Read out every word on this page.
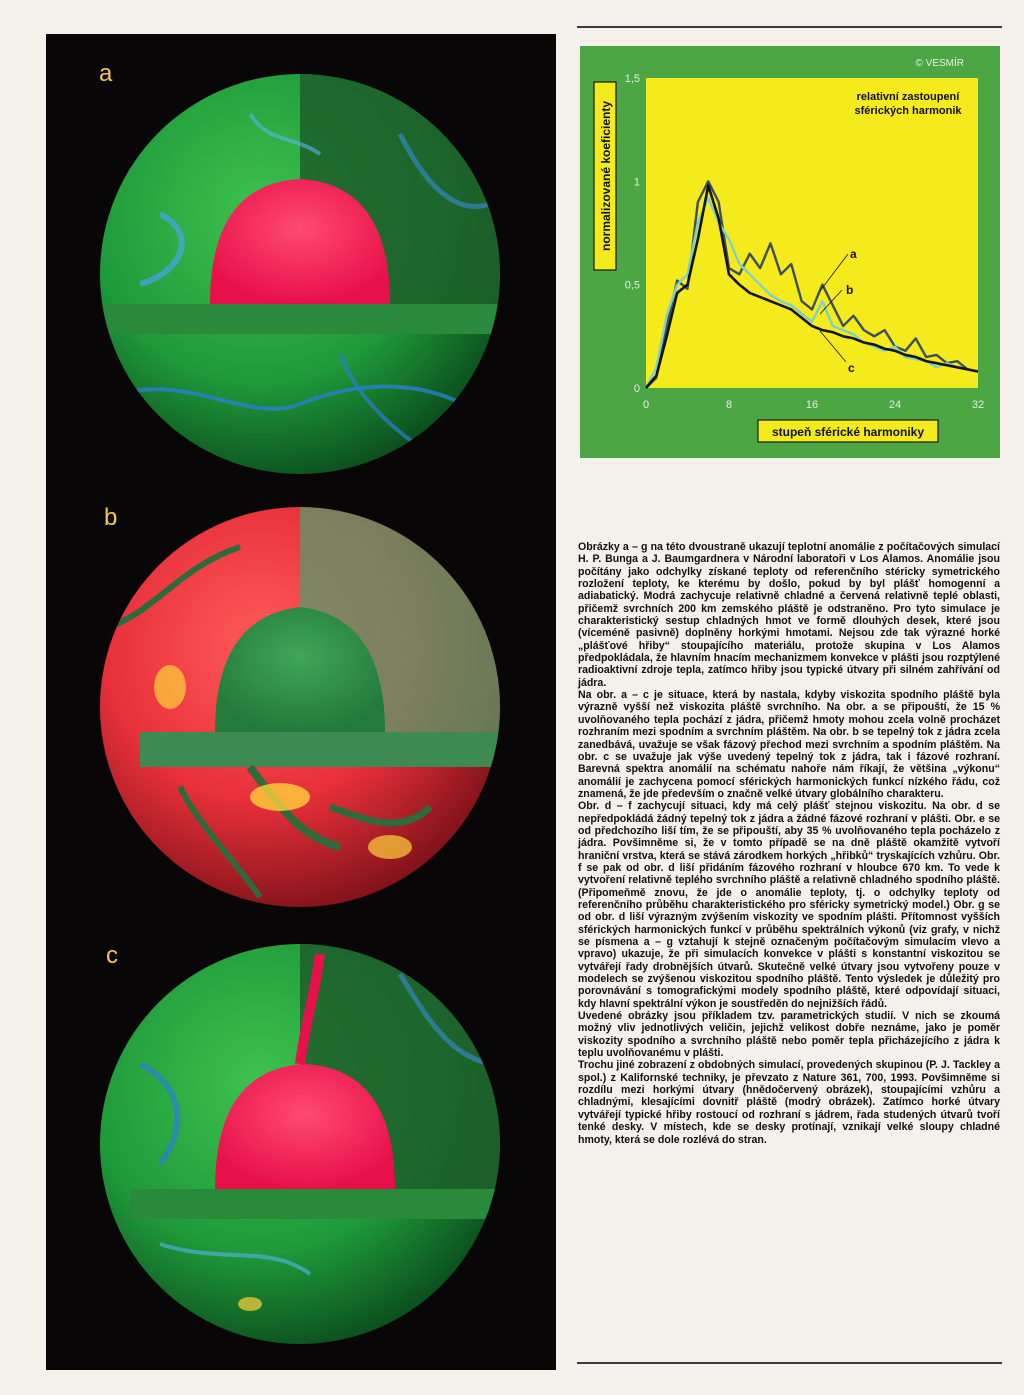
a
b
c
0	8	16	24	32
0
0,5
1
1,5
normalizované koeficienty
© VESMÍR
relativní zastoupení
sférických harmonik
stupeň sférické harmoniky
a
b
c

Obrázky a – g na této dvoustraně ukazují teplotní anomálie z počítačových simulací H. P. Bunga a J. Baumgardnera v Národní laboratoři v Los Alamos. Anomálie jsou počítány jako odchylky získané teploty od referenčního stéricky symetrického rozložení teploty, ke kterému by došlo, pokud by byl plášť homogenní a adiabatický. Modrá zachycuje relativně chladné a červená relativně teplé oblasti, přičemž svrchních 200 km zemského pláště je odstraněno. Pro tyto simulace je charakteristický sestup chladných hmot ve formě dlouhých desek, které jsou (víceméně pasivně) doplněny horkými hmotami. Nejsou zde tak výrazné horké „plášťové hřiby“ stoupajícího materiálu, protože skupina v Los Alamos předpokládala, že hlavním hnacím mechanizmem konvekce v plášti jsou rozptýlené radioaktivní zdroje tepla, zatímco hřiby jsou typické útvary při silném zahřívání od jádra.

Na obr. a – c je situace, která by nastala, kdyby viskozita spodního pláště byla výrazně vyšší než viskozita pláště svrchního. Na obr. a se připouští, že 15 % uvolňovaného tepla pochází z jádra, přičemž hmoty mohou zcela volně procházet rozhraním mezi spodním a svrchním pláštěm. Na obr. b se tepelný tok z jádra zcela zanedbává, uvažuje se však fázový přechod mezi svrchním a spodním pláštěm. Na obr. c se uvažuje jak výše uvedený tepelný tok z jádra, tak i fázové rozhraní. Barevná spektra anomálií na schématu nahoře nám říkají, že většina „výkonu“ anomálií je zachycena pomocí sférických harmonických funkcí nízkého řádu, což znamená, že jde především o značně velké útvary globálního charakteru.

Obr. d – f zachycují situaci, kdy má celý plášť stejnou viskozitu. Na obr. d se nepředpokládá žádný tepelný tok z jádra a žádné fázové rozhraní v plášti. Obr. e se od předchozího liší tím, že se připouští, aby 35 % uvolňovaného tepla pocházelo z jádra. Povšimněme si, že v tomto případě se na dně pláště okamžitě vytvoří hraniční vrstva, která se stává zárodkem horkých „hřibků“ tryskajících vzhůru. Obr. f se pak od obr. d liší přidáním fázového rozhraní v hloubce 670 km. To vede k vytvoření relativně teplého svrchního pláště a relativně chladného spodního pláště. (Připomeňmě znovu, že jde o anomálie teploty, tj. o odchylky teploty od referenčního průběhu charakteristického pro sféricky symetrický model.) Obr. g se od obr. d liší výrazným zvýšením viskozity ve spodním plášti. Přítomnost vyšších sférických harmonických funkcí v průběhu spektrálních výkonů (viz grafy, v nichž se písmena a – g vztahují k stejně označeným počítačovým simulacím vlevo a vpravo) ukazuje, že při simulacích konvekce v plášti s konstantní viskozitou se vytvářejí řady drobnějších útvarů. Skutečně velké útvary jsou vytvořeny pouze v modelech se zvýšenou viskozitou spodního pláště. Tento výsledek je důležitý pro porovnávání s tomografickými modely spodního pláště, které odpovídají situaci, kdy hlavní spektrální výkon je soustředěn do nejnižších řádů.

Uvedené obrázky jsou příkladem tzv. parametrických studií. V nich se zkoumá možný vliv jednotlivých veličin, jejichž velikost dobře neznáme, jako je poměr viskozity spodního a svrchního pláště nebo poměr tepla přicházejícího z jádra k teplu uvolňovanému v plášti.

Trochu jiné zobrazení z obdobných simulací, provedených skupinou (P. J. Tackley a spol.) z Kalifornské techniky, je převzato z Nature 361, 700, 1993. Povšimněme si rozdílu mezi horkými útvary (hnědočervený obrázek), stoupajícími vzhůru a chladnými, klesajícími dovnitř pláště (modrý obrázek). Zatímco horké útvary vytvářejí typické hřiby rostoucí od rozhraní s jádrem, řada studených útvarů tvoří tenké desky. V místech, kde se desky protínají, vznikají velké sloupy chladné hmoty, která se dole rozlévá do stran.
